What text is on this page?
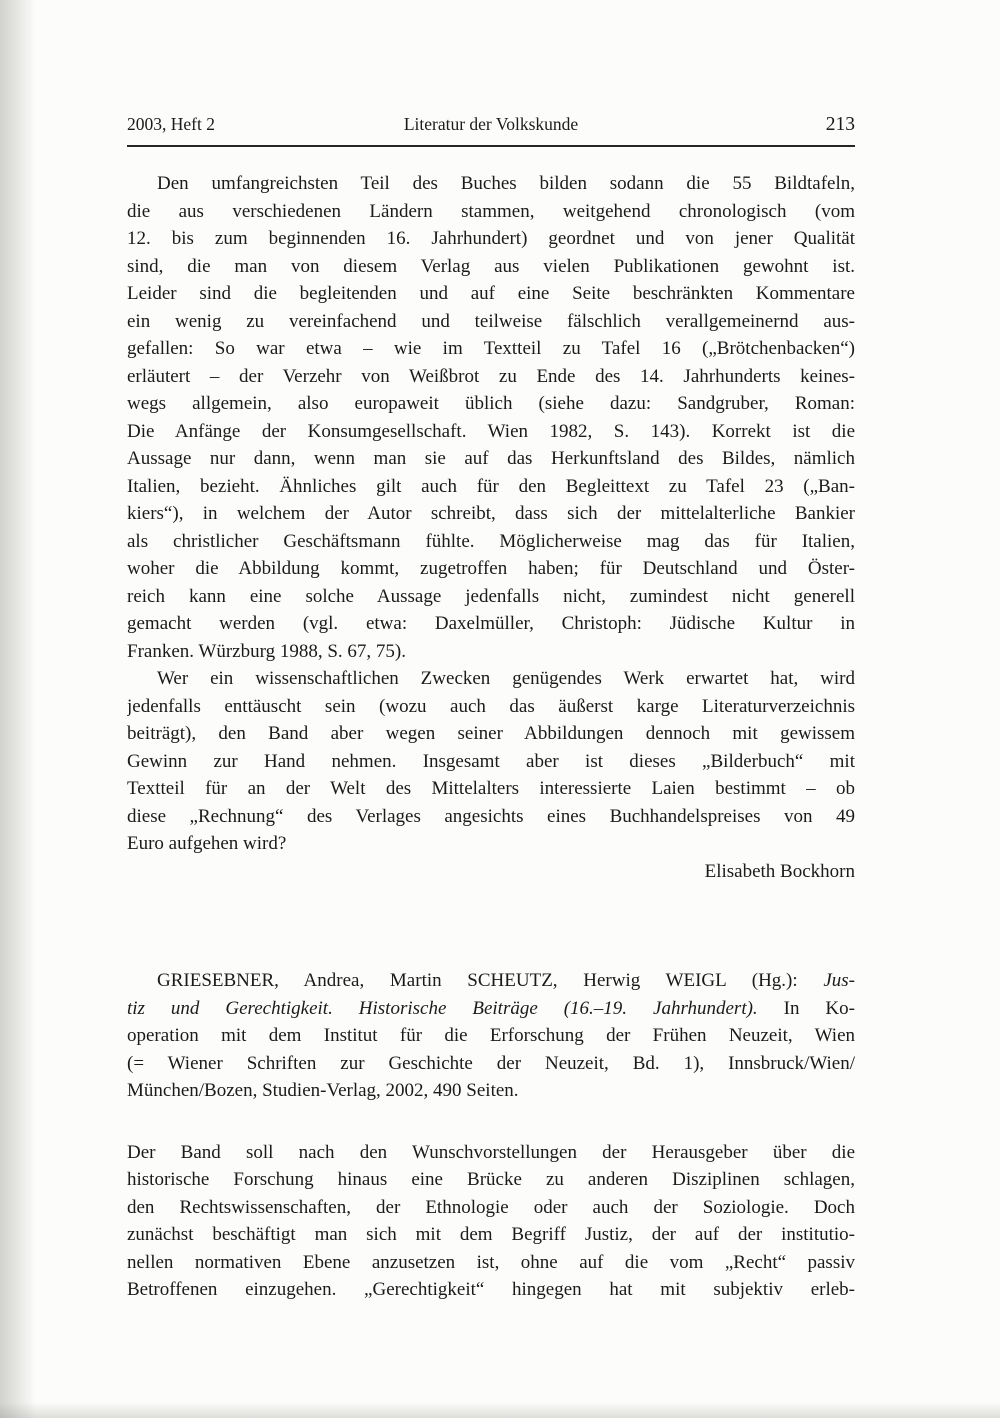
2003, Heft 2	Literatur der Volkskunde	213
Den umfangreichsten Teil des Buches bilden sodann die 55 Bildtafeln,
die aus verschiedenen Ländern stammen, weitgehend chronologisch (vom
12. bis zum beginnenden 16. Jahrhundert) geordnet und von jener Qualität
sind, die man von diesem Verlag aus vielen Publikationen gewohnt ist.
Leider sind die begleitenden und auf eine Seite beschränkten Kommentare
ein wenig zu vereinfachend und teilweise fälschlich verallgemeinernd aus-
gefallen: So war etwa – wie im Textteil zu Tafel 16 („Brötchenbacken“)
erläutert – der Verzehr von Weißbrot zu Ende des 14. Jahrhunderts keines-
wegs allgemein, also europaweit üblich (siehe dazu: Sandgruber, Roman:
Die Anfänge der Konsumgesellschaft. Wien 1982, S. 143). Korrekt ist die
Aussage nur dann, wenn man sie auf das Herkunftsland des Bildes, nämlich
Italien, bezieht. Ähnliches gilt auch für den Begleittext zu Tafel 23 („Ban-
kiers“), in welchem der Autor schreibt, dass sich der mittelalterliche Bankier
als christlicher Geschäftsmann fühlte. Möglicherweise mag das für Italien,
woher die Abbildung kommt, zugetroffen haben; für Deutschland und Öster-
reich kann eine solche Aussage jedenfalls nicht, zumindest nicht generell
gemacht werden (vgl. etwa: Daxelmüller, Christoph: Jüdische Kultur in
Franken. Würzburg 1988, S. 67, 75).
Wer ein wissenschaftlichen Zwecken genügendes Werk erwartet hat, wird
jedenfalls enttäuscht sein (wozu auch das äußerst karge Literaturverzeichnis
beiträgt), den Band aber wegen seiner Abbildungen dennoch mit gewissem
Gewinn zur Hand nehmen. Insgesamt aber ist dieses „Bilderbuch“ mit
Textteil für an der Welt des Mittelalters interessierte Laien bestimmt – ob
diese „Rechnung“ des Verlages angesichts eines Buchhandelspreises von 49
Euro aufgehen wird?
Elisabeth Bockhorn
GRIESEBNER, Andrea, Martin SCHEUTZ, Herwig WEIGL (Hg.): Jus-
tiz und Gerechtigkeit. Historische Beiträge (16.–19. Jahrhundert). In Ko-
operation mit dem Institut für die Erforschung der Frühen Neuzeit, Wien
(= Wiener Schriften zur Geschichte der Neuzeit, Bd. 1), Innsbruck/Wien/
München/Bozen, Studien-Verlag, 2002, 490 Seiten.
Der Band soll nach den Wunschvorstellungen der Herausgeber über die
historische Forschung hinaus eine Brücke zu anderen Disziplinen schlagen,
den Rechtswissenschaften, der Ethnologie oder auch der Soziologie. Doch
zunächst beschäftigt man sich mit dem Begriff Justiz, der auf der institutio-
nellen normativen Ebene anzusetzen ist, ohne auf die vom „Recht“ passiv
Betroffenen einzugehen. „Gerechtigkeit“ hingegen hat mit subjektiv erleb-
